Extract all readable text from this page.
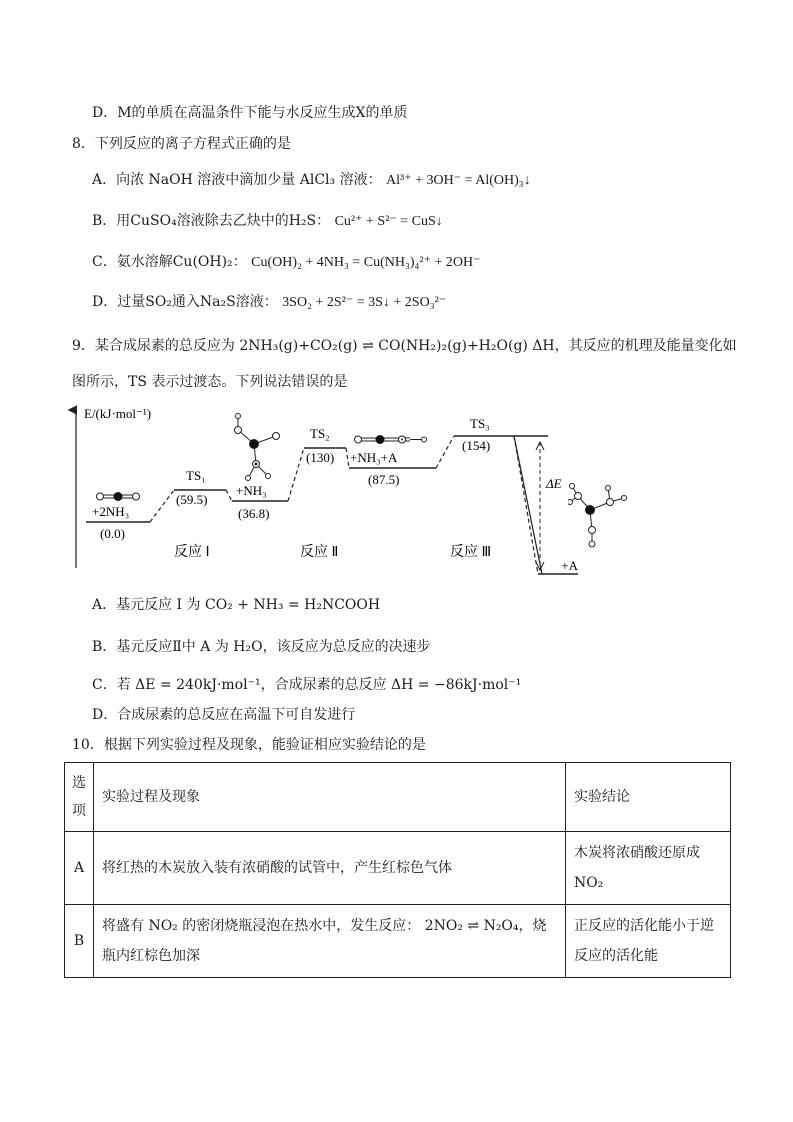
D．M的单质在高温条件下能与水反应生成X的单质
8．下列反应的离子方程式正确的是
A．向浓 NaOH 溶液中滴加少量 AlCl₃ 溶液： Al³⁺ + 3OH⁻ = Al(OH)₃↓
B．用CuSO₄溶液除去乙炔中的H₂S： Cu²⁺ + S²⁻ = CuS↓
C．氨水溶解Cu(OH)₂： Cu(OH)₂ + 4NH₃ = Cu(NH₃)₄²⁺ + 2OH⁻
D．过量SO₂通入Na₂S溶液： 3SO₂ + 2S²⁻ = 3S↓ + 2SO₃²⁻
9．某合成尿素的总反应为 2NH₃(g)+CO₂(g) ⇌ CO(NH₂)₂(g)+H₂O(g) ΔH，其反应的机理及能量变化如
图所示，TS 表示过渡态。下列说法错误的是
E/(kJ·mol⁻¹)
ΔE
+2NH₃
(0.0)
TS₁
(59.5)
+NH₃
(36.8)
TS₂
(130) +NH₃+A
(87.5)
TS₃
(154)
+A
反应 Ⅰ	反应 Ⅱ	反应 Ⅲ
A．基元反应 I 为 CO₂ + NH₃ = H₂NCOOH
B．基元反应Ⅱ中 A 为 H₂O，该反应为总反应的决速步
C．若 ΔE = 240kJ·mol⁻¹，合成尿素的总反应 ΔH = −86kJ·mol⁻¹
D．合成尿素的总反应在高温下可自发进行
10．根据下列实验过程及现象，能验证相应实验结论的是
选项	实验过程及现象	实验结论
A	将红热的木炭放入装有浓硝酸的试管中，产生红棕色气体	木炭将浓硝酸还原成NO₂
B	将盛有 NO₂ 的密闭烧瓶浸泡在热水中，发生反应： 2NO₂ ⇌ N₂O₄，烧瓶内红棕色加深	正反应的活化能小于逆反应的活化能
